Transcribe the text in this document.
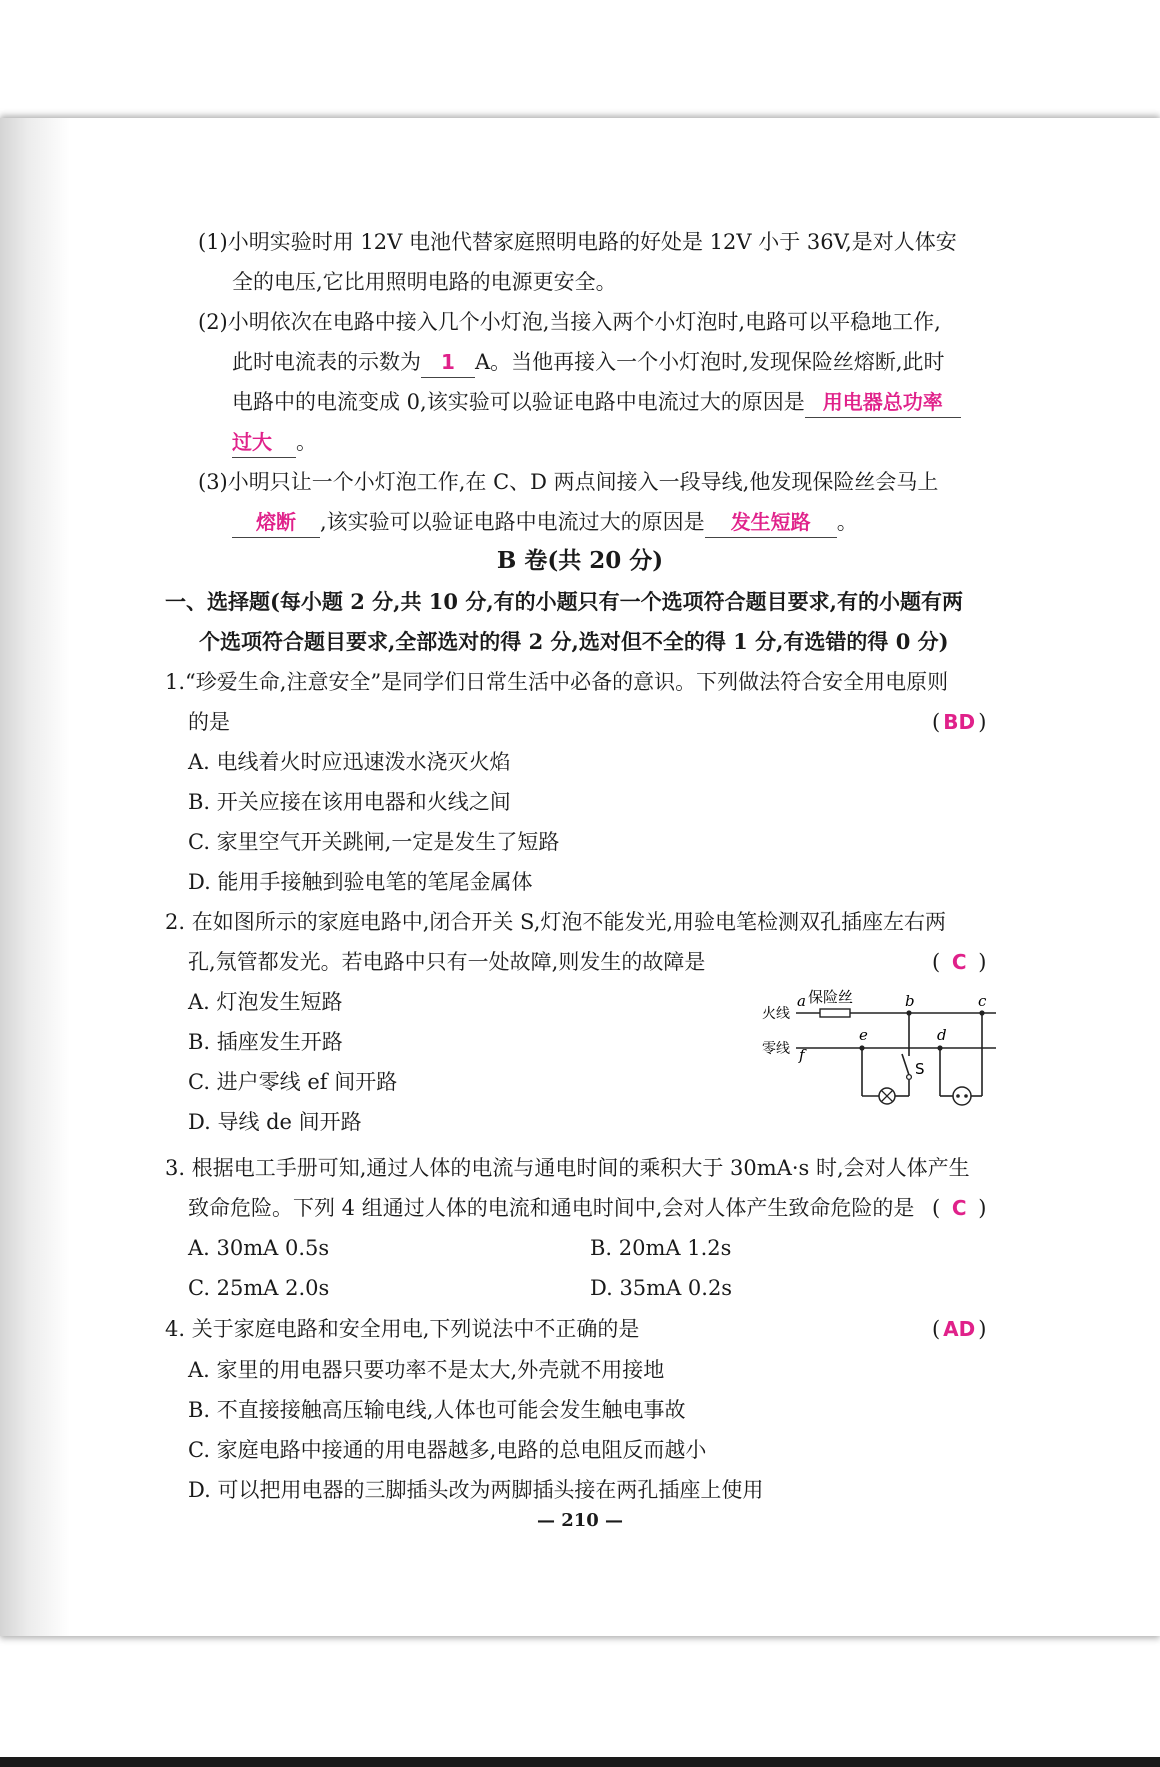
(1)小明实验时用 12V 电池代替家庭照明电路的好处是 12V 小于 36V,是对人体安
全的电压,它比用照明电路的电源更安全。
(2)小明依次在电路中接入几个小灯泡,当接入两个小灯泡时,电路可以平稳地工作,
此时电流表的示数为 1 A。当他再接入一个小灯泡时,发现保险丝熔断,此时
电路中的电流变成 0,该实验可以验证电路中电流过大的原因是 用电器总功率
过大 。
(3)小明只让一个小灯泡工作,在 C、D 两点间接入一段导线,他发现保险丝会马上
熔断 ,该实验可以验证电路中电流过大的原因是 发生短路 。
B 卷(共 20 分)
一、选择题(每小题 2 分,共 10 分,有的小题只有一个选项符合题目要求,有的小题有两
个选项符合题目要求,全部选对的得 2 分,选对但不全的得 1 分,有选错的得 0 分)
1.“珍爱生命,注意安全”是同学们日常生活中必备的意识。下列做法符合安全用电原则
的是	( BD )
A. 电线着火时应迅速泼水浇灭火焰
B. 开关应接在该用电器和火线之间
C. 家里空气开关跳闸,一定是发生了短路
D. 能用手接触到验电笔的笔尾金属体
2. 在如图所示的家庭电路中,闭合开关 S,灯泡不能发光,用验电笔检测双孔插座左右两
孔,氖管都发光。若电路中只有一处故障,则发生的故障是	( C )
A. 灯泡发生短路
B. 插座发生开路
C. 进户零线 ef 间开路
D. 导线 de 间开路
火线
零线
保险丝
a	b	c
e	d
f
S
3. 根据电工手册可知,通过人体的电流与通电时间的乘积大于 30mA·s 时,会对人体产生
致命危险。下列 4 组通过人体的电流和通电时间中,会对人体产生致命危险的是 ( C )
A. 30mA 0.5s	B. 20mA 1.2s
C. 25mA 2.0s	D. 35mA 0.2s
4. 关于家庭电路和安全用电,下列说法中不正确的是	( AD )
A. 家里的用电器只要功率不是太大,外壳就不用接地
B. 不直接接触高压输电线,人体也可能会发生触电事故
C. 家庭电路中接通的用电器越多,电路的总电阻反而越小
D. 可以把用电器的三脚插头改为两脚插头接在两孔插座上使用
— 210 —
